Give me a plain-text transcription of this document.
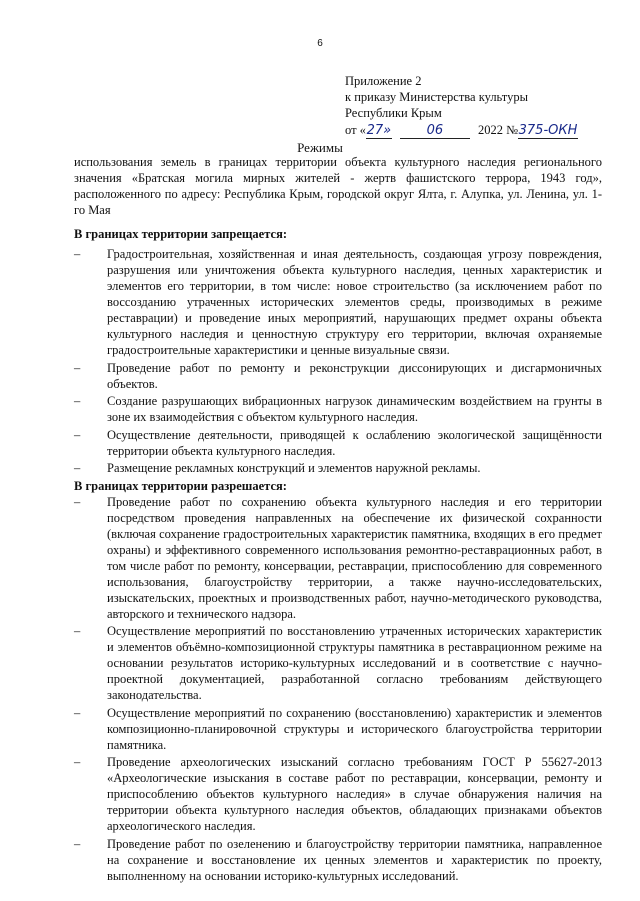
6
Приложение 2
к приказу Министерства культуры
Республики Крым
от «27»	06	2022 №375-ОКН
Режимы
использования земель в границах территории объекта культурного наследия регионального значения «Братская могила мирных жителей - жертв фашистского террора, 1943 год», расположенного по адресу: Республика Крым, городской округ Ялта, г. Алупка, ул. Ленина, ул. 1-го Мая

В границах территории запрещается:

– Градостроительная, хозяйственная и иная деятельность, создающая угрозу повреждения, разрушения или уничтожения объекта культурного наследия, ценных характеристик и элементов его территории, в том числе: новое строительство (за исключением работ по воссозданию утраченных исторических элементов среды, производимых в режиме реставрации) и проведение иных мероприятий, нарушающих предмет охраны объекта культурного наследия и ценностную структуру его территории, включая охраняемые градостроительные характеристики и ценные визуальные связи.
– Проведение работ по ремонту и реконструкции диссонирующих и дисгармоничных объектов.
– Создание разрушающих вибрационных нагрузок динамическим воздействием на грунты в зоне их взаимодействия с объектом культурного наследия.
– Осуществление деятельности, приводящей к ослаблению экологической защищённости территории объекта культурного наследия.
– Размещение рекламных конструкций и элементов наружной рекламы.

В границах территории разрешается:

– Проведение работ по сохранению объекта культурного наследия и его территории посредством проведения направленных на обеспечение их физической сохранности (включая сохранение градостроительных характеристик памятника, входящих в его предмет охраны) и эффективного современного использования ремонтно-реставрационных работ, в том числе работ по ремонту, консервации, реставрации, приспособлению для современного использования, благоустройству территории, а также научно-исследовательских, изыскательских, проектных и производственных работ, научно-методического руководства, авторского и технического надзора.
– Осуществление мероприятий по восстановлению утраченных исторических характеристик и элементов объёмно-композиционной структуры памятника в реставрационном режиме на основании результатов историко-культурных исследований и в соответствие с научно-проектной документацией, разработанной согласно требованиям действующего законодательства.
– Осуществление мероприятий по сохранению (восстановлению) характеристик и элементов композиционно-планировочной структуры и исторического благоустройства территории памятника.
– Проведение археологических изысканий согласно требованиям ГОСТ Р 55627-2013 «Археологические изыскания в составе работ по реставрации, консервации, ремонту и приспособлению объектов культурного наследия» в случае обнаружения наличия на территории объекта культурного наследия объектов, обладающих признаками объектов археологического наследия.
– Проведение работ по озеленению и благоустройству территории памятника, направленное на сохранение и восстановление их ценных элементов и характеристик по проекту, выполненному на основании историко-культурных исследований.
